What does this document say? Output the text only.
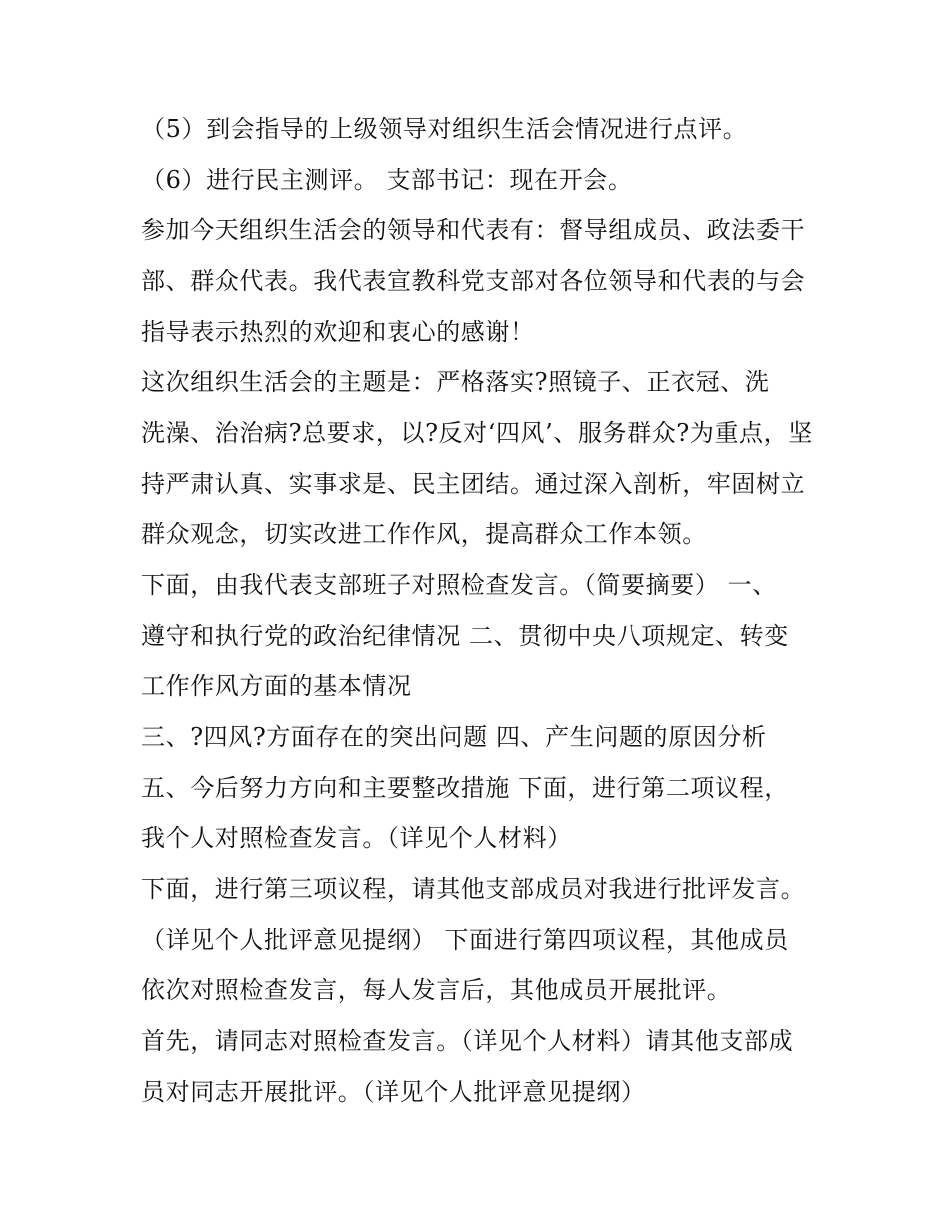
（5）到会指导的上级领导对组织生活会情况进行点评。
（6）进行民主测评。 支部书记：现在开会。
参加今天组织生活会的领导和代表有：督导组成员、政法委干
部、群众代表。我代表宣教科党支部对各位领导和代表的与会
指导表示热烈的欢迎和衷心的感谢！
这次组织生活会的主题是：严格落实?照镜子、正衣冠、洗
洗澡、治治病?总要求，以?反对‘四风’、服务群众?为重点，坚
持严肃认真、实事求是、民主团结。通过深入剖析，牢固树立
群众观念，切实改进工作作风，提高群众工作本领。
下面，由我代表支部班子对照检查发言。（简要摘要） 一、
遵守和执行党的政治纪律情况 二、贯彻中央八项规定、转变
工作作风方面的基本情况
三、?四风?方面存在的突出问题 四、产生问题的原因分析
五、今后努力方向和主要整改措施 下面，进行第二项议程，
我个人对照检查发言。（详见个人材料）
下面，进行第三项议程，请其他支部成员对我进行批评发言。
（详见个人批评意见提纲） 下面进行第四项议程，其他成员
依次对照检查发言，每人发言后，其他成员开展批评。
首先，请同志对照检查发言。（详见个人材料）请其他支部成
员对同志开展批评。（详见个人批评意见提纲）
